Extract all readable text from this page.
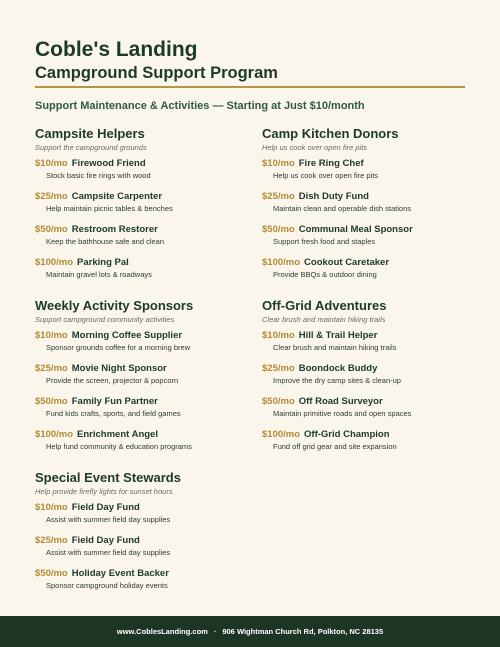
Coble's Landing
Campground Support Program
Support Maintenance & Activities — Starting at Just $10/month
Campsite Helpers
Support the campground grounds
$10/mo Firewood Friend
Stock basic fire rings with wood
$25/mo Campsite Carpenter
Help maintain picnic tables & benches
$50/mo Restroom Restorer
Keep the bathhouse safe and clean
$100/mo Parking Pal
Maintain gravel lots & roadways
Camp Kitchen Donors
Help us cook over open fire pits
$10/mo Fire Ring Chef
Help us cook over open fire pits
$25/mo Dish Duty Fund
Maintain clean and operable dish stations
$50/mo Communal Meal Sponsor
Support fresh food and staples
$100/mo Cookout Caretaker
Provide BBQs & outdoor dining
Weekly Activity Sponsors
Support campground community activities
$10/mo Morning Coffee Supplier
Sponsor grounds coffee for a morning brew
$25/mo Movie Night Sponsor
Provide the screen, projector & popcorn
$50/mo Family Fun Partner
Fund kids crafts, sports, and field games
$100/mo Enrichment Angel
Help fund community & education programs
Off-Grid Adventures
Clear brush and maintain hiking trails
$10/mo Hill & Trail Helper
Clear brush and maintain hiking trails
$25/mo Boondock Buddy
Improve the dry camp sites & clean-up
$50/mo Off Road Surveyor
Maintain primitive roads and open spaces
$100/mo Off-Grid Champion
Fund off grid gear and site expansion
Special Event Stewards
Help provide firefly lights for sunset hours
$10/mo Field Day Fund
Assist with summer field day supplies
$25/mo Field Day Fund
Assist with summer field day supplies
$50/mo Holiday Event Backer
Sponsor campground holiday events
www.CoblesLanding.com · 906 Wightman Church Rd, Polkton, NC 28135
